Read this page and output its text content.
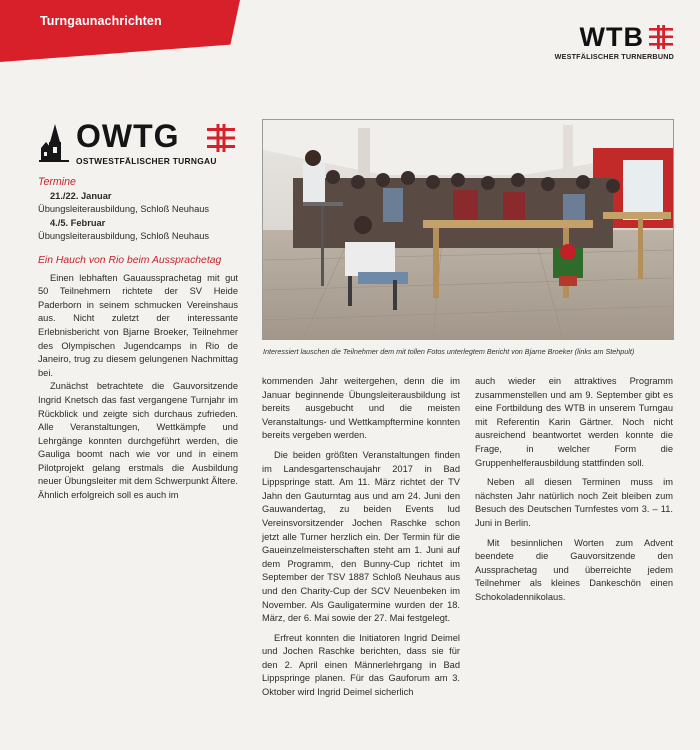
Turngaunachrichten
WTB
WESTFÄLISCHER TURNERBUND
OWTG
OSTWESTFÄLISCHER TURNGAU
Termine

21./22. Januar

Übungsleiterausbildung, Schloß Neuhaus

4./5. Februar

Übungsleiterausbildung, Schloß Neuhaus

Ein Hauch von Rio beim Aussprachetag

Einen lebhaften Gauaussprachetag mit gut 50 Teilnehmern richtete der SV Heide Paderborn in seinem schmucken Vereinshaus aus. Nicht zuletzt der interessante Erlebnisbericht von Bjarne Broeker, Teilnehmer des Olympischen Jugendcamps in Rio de Janeiro, trug zu diesem gelungenen Nachmittag bei.

Zunächst betrachtete die Gauvorsitzende Ingrid Knetsch das fast vergangene Turnjahr im Rückblick und zeigte sich durchaus zufrieden. Alle Veranstaltungen, Wettkämpfe und Lehrgänge konnten durchgeführt werden, die Gauliga boomt nach wie vor und in einem Pilotprojekt gelang erstmals die Ausbildung neuer Übungsleiter mit dem Schwerpunkt Ältere. Ähnlich erfolgreich soll es auch im

Interessiert lauschen die Teilnehmer dem mit tollen Fotos unterlegtem Bericht von Bjarne Broeker (links am Stehpult)

kommenden Jahr weitergehen, denn die im Januar beginnende Übungsleiterausbildung ist bereits ausgebucht und die meisten Veranstaltungs- und Wettkampftermine konnten bereits vergeben werden.

Die beiden größten Veranstaltungen finden im Landesgartenschaujahr 2017 in Bad Lippspringe statt. Am 11. März richtet der TV Jahn den Gauturntag aus und am 24. Juni den Gauwandertag, zu beiden Events lud Vereinsvorsitzender Jochen Raschke schon jetzt alle Turner herzlich ein. Der Termin für die Gaueinzelmeisterschaften steht am 1. Juni auf dem Programm, den Bunny-Cup richtet im September der TSV 1887 Schloß Neuhaus aus und den Charity-Cup der SCV Neuenbeken im November. Als Gauligatermine wurden der 18. März, der 6. Mai sowie der 27. Mai festgelegt.

Erfreut konnten die Initiatoren Ingrid Deimel und Jochen Raschke berichten, dass sie für den 2. April einen Männerlehrgang in Bad Lippspringe planen. Für das Gauforum am 3. Oktober wird Ingrid Deimel sicherlich

auch wieder ein attraktives Programm zusammenstellen und am 9. September gibt es eine Fortbildung des WTB in unserem Turngau mit Referentin Karin Gärtner. Noch nicht ausreichend beantwortet werden konnte die Frage, in welcher Form die Gruppenhelferausbildung stattfinden soll.

Neben all diesen Terminen muss im nächsten Jahr natürlich noch Zeit bleiben zum Besuch des Deutschen Turnfestes vom 3. – 11. Juni in Berlin.

Mit besinnlichen Worten zum Advent beendete die Gauvorsitzende den Aussprachetag und überreichte jedem Teilnehmer als kleines Dankeschön einen Schokoladennikolaus.
